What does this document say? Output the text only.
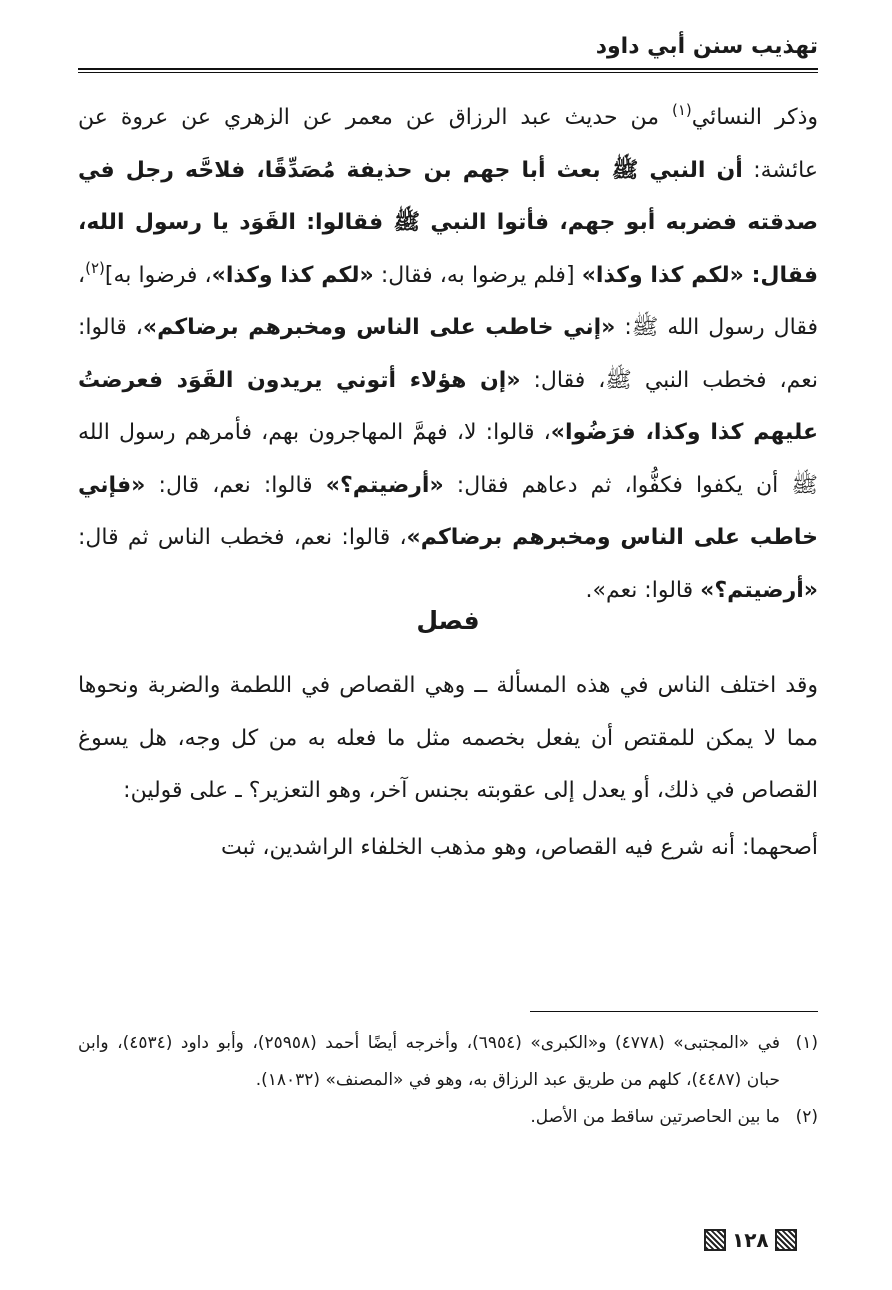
تهذيب سنن أبي داود

وذكر النسائي$^{(١)}$ من حديث عبد الرزاق عن معمر عن الزهري عن عروة عن عائشة: أن النبي ﷺ بعث أبا جهم بن حذيفة مُصَدِّقًا، فلاحَّه رجل في صدقته فضربه أبو جهم، فأتوا النبي ﷺ فقالوا: القَوَد يا رسول الله، فقال: «لكم كذا وكذا» [فلم يرضوا به، فقال: «لكم كذا وكذا»، فرضوا به]$^{(٢)}$، فقال رسول الله ﷺ: «إني خاطب على الناس ومخبرهم برضاكم»، قالوا: نعم، فخطب النبي ﷺ، فقال: «إن هؤلاء أتوني يريدون القَوَد فعرضتُ عليهم كذا وكذا، فرَضُوا»، قالوا: لا، فهمَّ المهاجرون بهم، فأمرهم رسول الله ﷺ أن يكفوا فكفُّوا، ثم دعاهم فقال: «أرضيتم؟» قالوا: نعم، قال: «فإني خاطب على الناس ومخبرهم برضاكم»، قالوا: نعم، فخطب الناس ثم قال: «أرضيتم؟» قالوا: نعم».

فصل

وقد اختلف الناس في هذه المسألة ــ وهي القصاص في اللطمة والضربة ونحوها مما لا يمكن للمقتص أن يفعل بخصمه مثل ما فعله به من كل وجه، هل يسوغ القصاص في ذلك، أو يعدل إلى عقوبته بجنس آخر، وهو التعزير؟ ـ على قولين:

أصحهما: أنه شرع فيه القصاص، وهو مذهب الخلفاء الراشدين، ثبت

(١)
في «المجتبى» (٤٧٧٨) و«الكبرى» (٦٩٥٤)، وأخرجه أيضًا أحمد (٢٥٩٥٨)، وأبو داود (٤٥٣٤)، وابن حبان (٤٤٨٧)، كلهم من طريق عبد الرزاق به، وهو في «المصنف» (١٨٠٣٢).
(٢)
ما بين الحاصرتين ساقط من الأصل.
١٢٨
